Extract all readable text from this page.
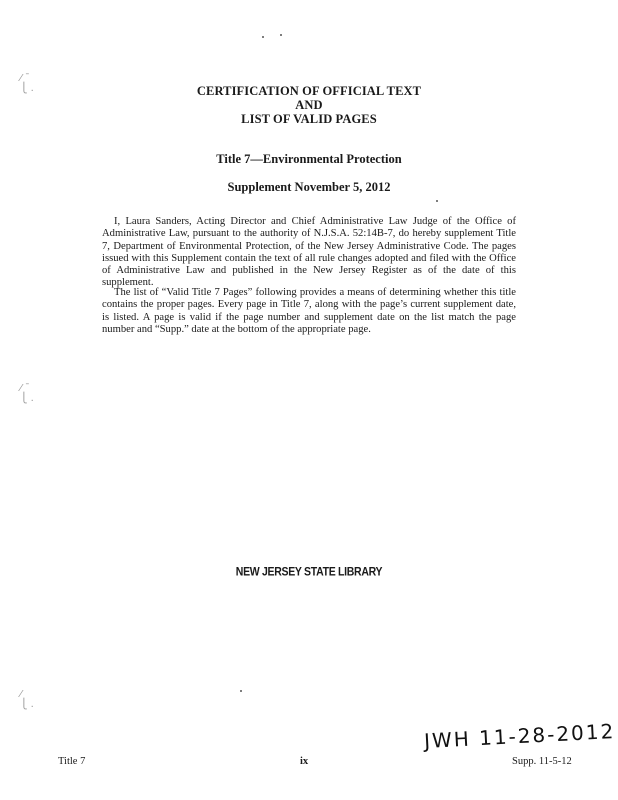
CERTIFICATION OF OFFICIAL TEXT
AND
LIST OF VALID PAGES
Title 7—Environmental Protection
Supplement November 5, 2012

I, Laura Sanders, Acting Director and Chief Administrative Law Judge of the Office of Administrative Law, pursuant to the authority of N.J.S.A. 52:14B-7, do hereby supplement Title 7, Department of Environmental Protection, of the New Jersey Administrative Code. The pages issued with this Supplement contain the text of all rule changes adopted and filed with the Office of Administrative Law and published in the New Jersey Register as of the date of this supplement.

The list of “Valid Title 7 Pages” following provides a means of determining whether this title contains the proper pages. Every page in Title 7, along with the page’s current supplement date, is listed. A page is valid if the page number and supplement date on the list match the page number and “Supp.” date at the bottom of the appropriate page.

NEW JERSEY STATE LIBRARY
JWH 11-28-2012
Title 7	ix	Supp. 11-5-12
⁄ ˉ
⎩ .
⁄ ˉ
⎩ .
⁄
⎩ .
